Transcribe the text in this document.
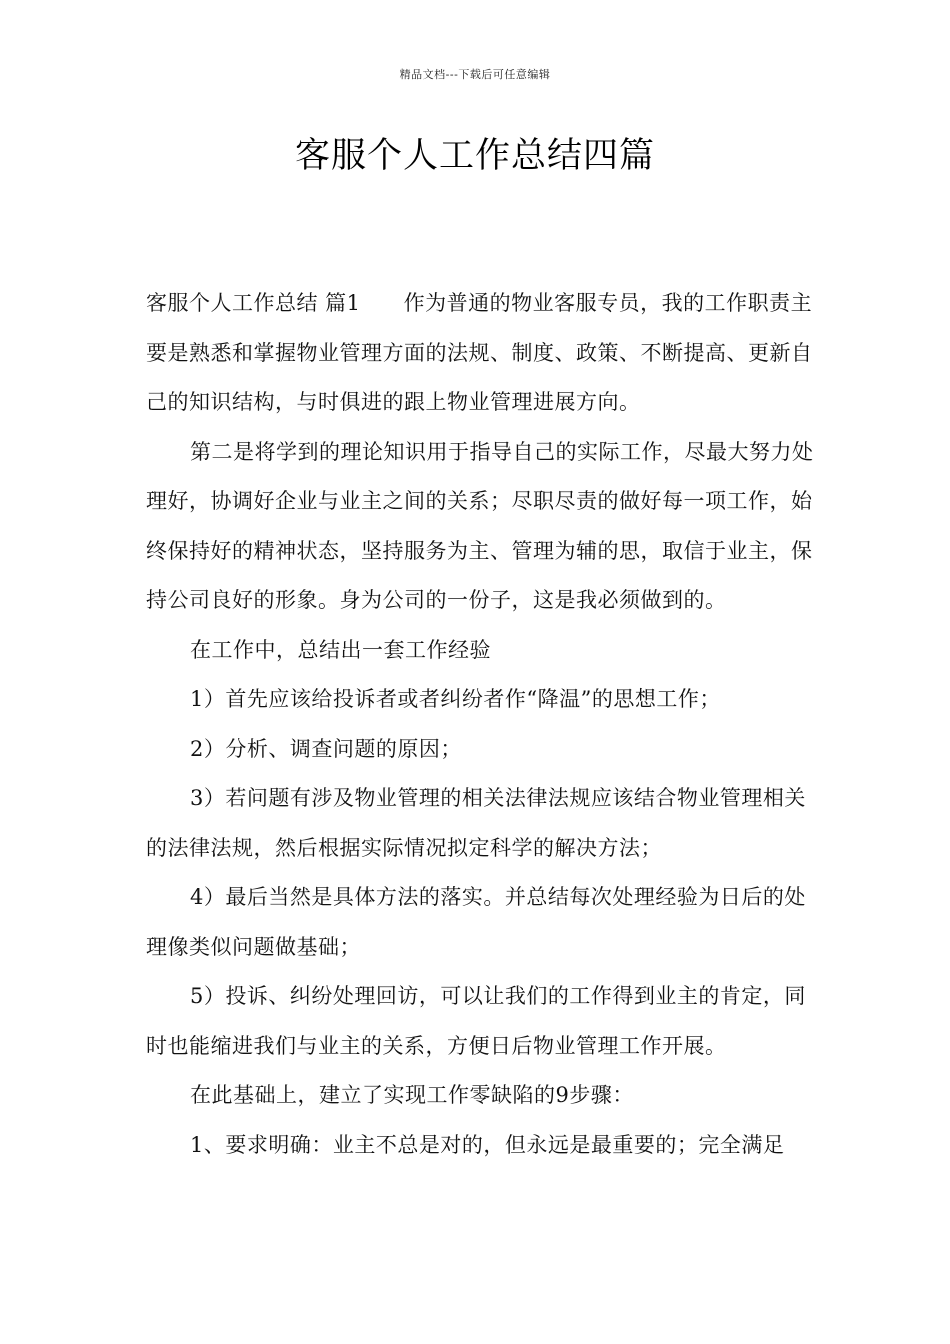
精品文档---下载后可任意编辑
客服个人工作总结四篇

客服个人工作总结 篇1 作为普通的物业客服专员，我的工作职责主要是熟悉和掌握物业管理方面的法规、制度、政策、不断提高、更新自己的知识结构，与时俱进的跟上物业管理进展方向。

第二是将学到的理论知识用于指导自己的实际工作，尽最大努力处理好，协调好企业与业主之间的关系；尽职尽责的做好每一项工作，始终保持好的精神状态，坚持服务为主、管理为辅的思，取信于业主，保持公司良好的形象。身为公司的一份子，这是我必须做到的。

在工作中，总结出一套工作经验

1）首先应该给投诉者或者纠纷者作“降温”的思想工作；

2）分析、调查问题的原因；

3）若问题有涉及物业管理的相关法律法规应该结合物业管理相关的法律法规，然后根据实际情况拟定科学的解决方法；

4）最后当然是具体方法的落实。并总结每次处理经验为日后的处理像类似问题做基础；

5）投诉、纠纷处理回访，可以让我们的工作得到业主的肯定，同时也能缩进我们与业主的关系，方便日后物业管理工作开展。

在此基础上，建立了实现工作零缺陷的9步骤：

1、要求明确：业主不总是对的，但永远是最重要的；完全满足
